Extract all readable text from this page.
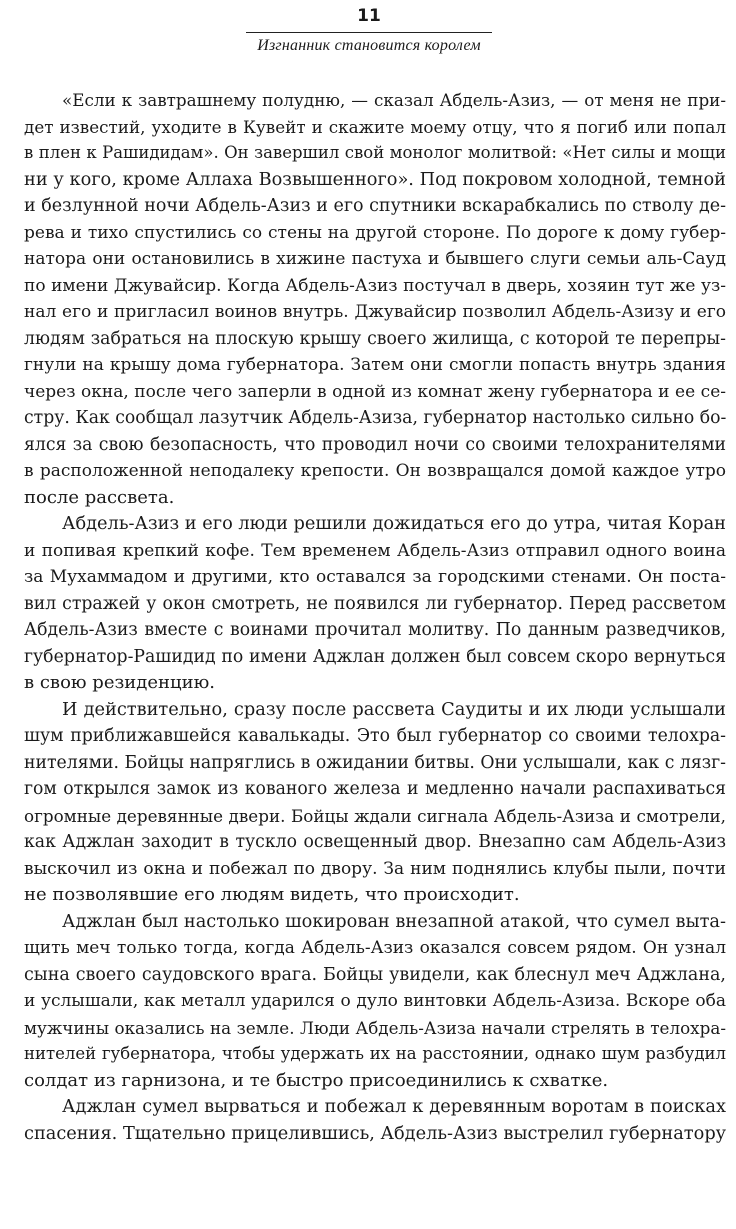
11
Изгнанник становится королем
«Если к завтрашнему полудню, — сказал Абдель-Азиз, — от меня не при-
дет известий, уходите в Кувейт и скажите моему отцу, что я погиб или попал
в плен к Рашидидам». Он завершил свой монолог молитвой: «Нет силы и мощи
ни у кого, кроме Аллаха Возвышенного». Под покровом холодной, темной
и безлунной ночи Абдель-Азиз и его спутники вскарабкались по стволу де-
рева и тихо спустились со стены на другой стороне. По дороге к дому губер-
натора они остановились в хижине пастуха и бывшего слуги семьи аль-Сауд
по имени Джувайсир. Когда Абдель-Азиз постучал в дверь, хозяин тут же уз-
нал его и пригласил воинов внутрь. Джувайсир позволил Абдель-Азизу и его
людям забраться на плоскую крышу своего жилища, с которой те перепры-
гнули на крышу дома губернатора. Затем они смогли попасть внутрь здания
через окна, после чего заперли в одной из комнат жену губернатора и ее се-
стру. Как сообщал лазутчик Абдель-Азиза, губернатор настолько сильно бо-
ялся за свою безопасность, что проводил ночи со своими телохранителями
в расположенной неподалеку крепости. Он возвращался домой каждое утро
после рассвета.
Абдель-Азиз и его люди решили дожидаться его до утра, читая Коран
и попивая крепкий кофе. Тем временем Абдель-Азиз отправил одного воина
за Мухаммадом и другими, кто оставался за городскими стенами. Он поста-
вил стражей у окон смотреть, не появился ли губернатор. Перед рассветом
Абдель-Азиз вместе с воинами прочитал молитву. По данным разведчиков,
губернатор-Рашидид по имени Аджлан должен был совсем скоро вернуться
в свою резиденцию.
И действительно, сразу после рассвета Саудиты и их люди услышали
шум приближавшейся кавалькады. Это был губернатор со своими телохра-
нителями. Бойцы напряглись в ожидании битвы. Они услышали, как с лязг-
гом открылся замок из кованого железа и медленно начали распахиваться
огромные деревянные двери. Бойцы ждали сигнала Абдель-Азиза и смотрели,
как Аджлан заходит в тускло освещенный двор. Внезапно сам Абдель-Азиз
выскочил из окна и побежал по двору. За ним поднялись клубы пыли, почти
не позволявшие его людям видеть, что происходит.
Аджлан был настолько шокирован внезапной атакой, что сумел выта-
щить меч только тогда, когда Абдель-Азиз оказался совсем рядом. Он узнал
сына своего саудовского врага. Бойцы увидели, как блеснул меч Аджлана,
и услышали, как металл ударился о дуло винтовки Абдель-Азиза. Вскоре оба
мужчины оказались на земле. Люди Абдель-Азиза начали стрелять в телохра-
нителей губернатора, чтобы удержать их на расстоянии, однако шум разбудил
солдат из гарнизона, и те быстро присоединились к схватке.
Аджлан сумел вырваться и побежал к деревянным воротам в поисках
спасения. Тщательно прицелившись, Абдель-Азиз выстрелил губернатору
